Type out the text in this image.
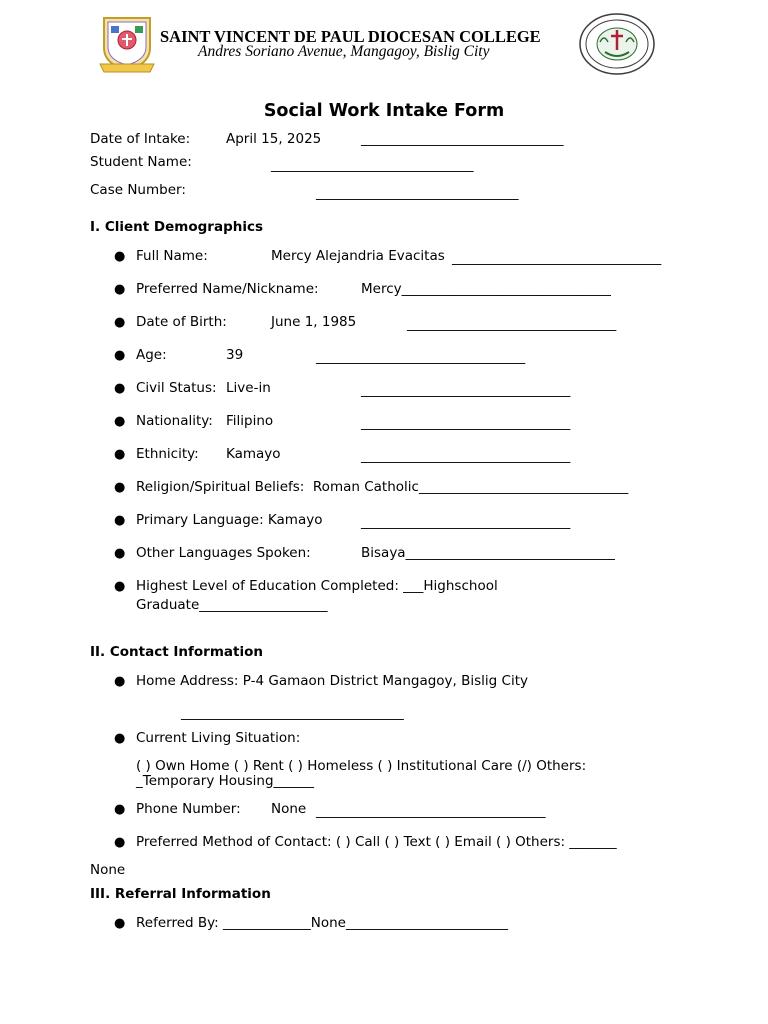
SAINT VINCENT DE PAUL DIOCESAN COLLEGE
Andres Soriano Avenue, Mangagoy, Bislig City
Social Work Intake Form
Date of Intake:	April 15, 2025	______________________________
Student Name:	______________________________
Case Number:	______________________________
I. Client Demographics
● Full Name:	Mercy Alejandria Evacitas _______________________________
● Preferred Name/Nickname:	Mercy_______________________________
● Date of Birth:	June 1, 1985	_______________________________
● Age:	39	_______________________________
● Civil Status: Live-in	_______________________________
● Nationality: Filipino	_______________________________
● Ethnicity: Kamayo	_______________________________
● Religion/Spiritual Beliefs:  Roman Catholic_______________________________
● Primary Language: Kamayo	_______________________________
● Other Languages Spoken:	Bisaya_______________________________
● Highest Level of Education Completed: ___Highschool
Graduate___________________
II. Contact Information
● Home Address: P-4 Gamaon District Mangagoy, Bislig City
_________________________________
● Current Living Situation:
( ) Own Home ( ) Rent ( ) Homeless ( ) Institutional Care (/) Others:
_Temporary Housing______
● Phone Number: None __________________________________
● Preferred Method of Contact: ( ) Call ( ) Text ( ) Email ( ) Others: _______
None
III. Referral Information
● Referred By: _____________None________________________
